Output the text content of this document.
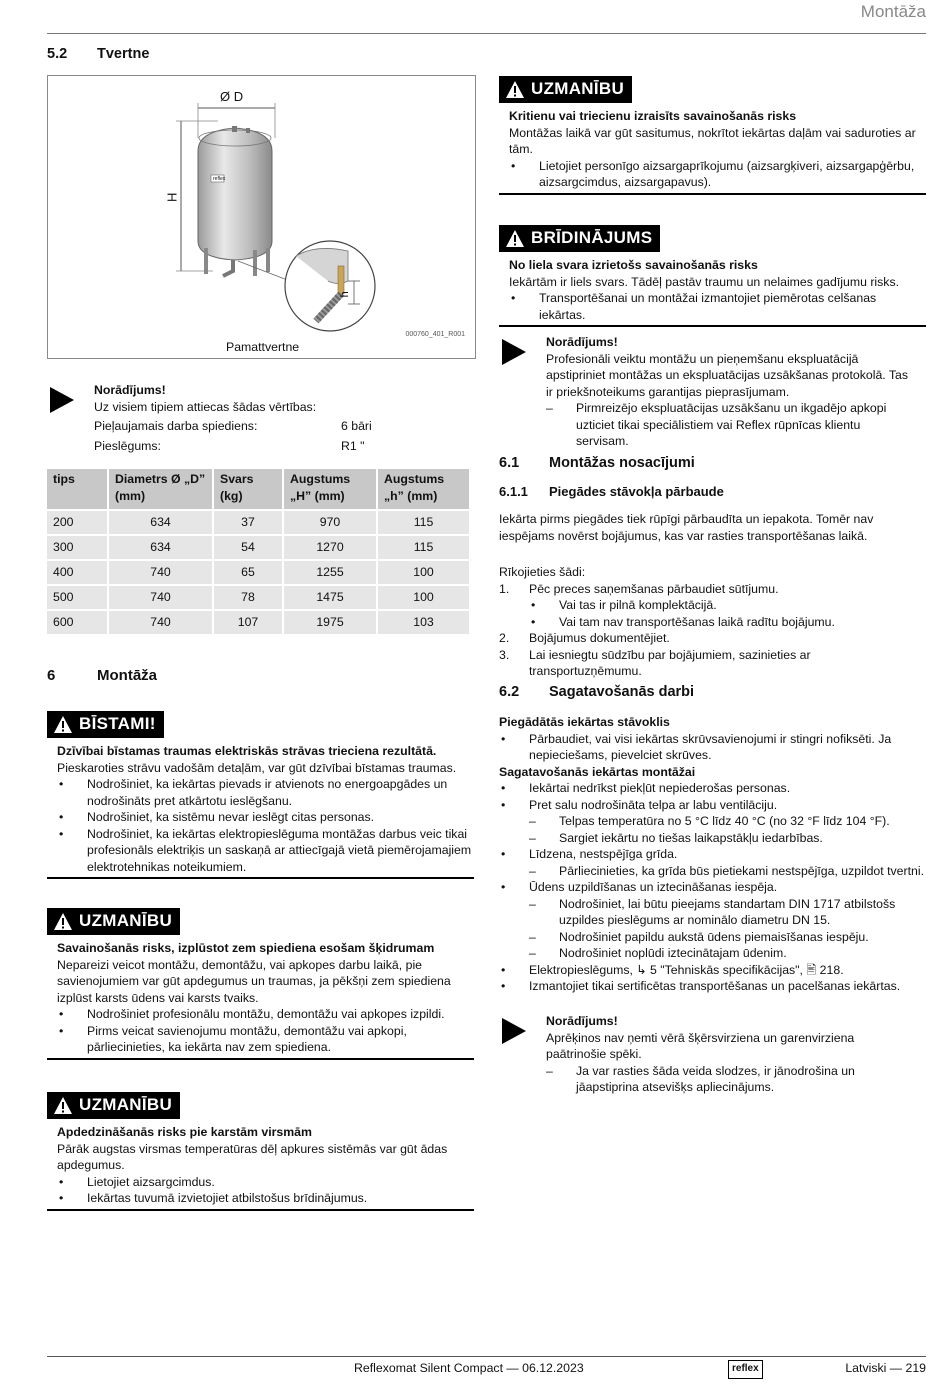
Montāža
5.2 Tvertne
Ø D
H
h
reflex
000760_401_R001
Pamattvertne
Norādījums!
Uz visiem tipiem attiecas šādas vērtības:
Pieļaujamais darba spiediens:	6 bāri
Pieslēgums:	R1 "
tips	Diametrs Ø „D” (mm)	Svars (kg)	Augstums „H” (mm)	Augstums „h” (mm)
200	634	37	970	115
300	634	54	1270	115
400	740	65	1255	100
500	740	78	1475	100
600	740	107	1975	103
6	Montāža
BĪSTAMI!
Dzīvībai bīstamas traumas elektriskās strāvas trieciena rezultātā.
Pieskaroties strāvu vadošām detaļām, var gūt dzīvībai bīstamas traumas.
• Nodrošiniet, ka iekārtas pievads ir atvienots no energoapgādes un nodrošināts pret atkārtotu ieslēgšanu.
• Nodrošiniet, ka sistēmu nevar ieslēgt citas personas.
• Nodrošiniet, ka iekārtas elektropieslēguma montāžas darbus veic tikai profesionāls elektriķis un saskaņā ar attiecīgajā vietā piemērojamajiem elektrotehnikas noteikumiem.
UZMANĪBU
Savainošanās risks, izplūstot zem spiediena esošam šķidrumam
Nepareizi veicot montāžu, demontāžu, vai apkopes darbu laikā, pie savienojumiem var gūt apdegumus un traumas, ja pēkšņi zem spiediena izplūst karsts ūdens vai karsts tvaiks.
• Nodrošiniet profesionālu montāžu, demontāžu vai apkopes izpildi.
• Pirms veicat savienojumu montāžu, demontāžu vai apkopi, pārliecinieties, ka iekārta nav zem spiediena.
UZMANĪBU
Apdedzināšanās risks pie karstām virsmām
Pārāk augstas virsmas temperatūras dēļ apkures sistēmās var gūt ādas apdegumus.
• Lietojiet aizsargcimdus.
• Iekārtas tuvumā izvietojiet atbilstošus brīdinājumus.
UZMANĪBU
Kritienu vai triecienu izraisīts savainošanās risks
Montāžas laikā var gūt sasitumus, nokrītot iekārtas daļām vai saduroties ar tām.
• Lietojiet personīgo aizsargaprīkojumu (aizsargķiveri, aizsargapģērbu, aizsargcimdus, aizsargapavus).
BRĪDINĀJUMS
No liela svara izrietošs savainošanās risks
Iekārtām ir liels svars. Tādēļ pastāv traumu un nelaimes gadījumu risks.
• Transportēšanai un montāžai izmantojiet piemērotas celšanas iekārtas.
Norādījums!
Profesionāli veiktu montāžu un pieņemšanu ekspluatācijā apstipriniet montāžas un ekspluatācijas uzsākšanas protokolā. Tas ir priekšnoteikums garantijas pieprasījumam.
– Pirmreizējo ekspluatācijas uzsākšanu un ikgadējo apkopi uzticiet tikai speciālistiem vai Reflex rūpnīcas klientu servisam.
6.1 Montāžas nosacījumi
6.1.1 Piegādes stāvokļa pārbaude
Iekārta pirms piegādes tiek rūpīgi pārbaudīta un iepakota. Tomēr nav iespējams novērst bojājumus, kas var rasties transportēšanas laikā.
Rīkojieties šādi:
1. Pēc preces saņemšanas pārbaudiet sūtījumu.
• Vai tas ir pilnā komplektācijā.
• Vai tam nav transportēšanas laikā radītu bojājumu.
2. Bojājumus dokumentējiet.
3. Lai iesniegtu sūdzību par bojājumiem, sazinieties ar transportuzņēmumu.
6.2 Sagatavošanās darbi
Piegādātās iekārtas stāvoklis
• Pārbaudiet, vai visi iekārtas skrūvsavienojumi ir stingri nofiksēti. Ja nepieciešams, pievelciet skrūves.
Sagatavošanās iekārtas montāžai
• Iekārtai nedrīkst piekļūt nepiederošas personas.
• Pret salu nodrošināta telpa ar labu ventilāciju.
– Telpas temperatūra no 5 °C līdz 40 °C (no 32 °F līdz 104 °F).
– Sargiet iekārtu no tiešas laikapstākļu iedarbības.
• Līdzena, nestspējīga grīda.
– Pārliecinieties, ka grīda būs pietiekami nestspējīga, uzpildot tvertni.
• Ūdens uzpildīšanas un iztecināšanas iespēja.
– Nodrošiniet, lai būtu pieejams standartam DIN 1717 atbilstošs uzpildes pieslēgums ar nominālo diametru DN 15.
– Nodrošiniet papildu aukstā ūdens piemaisīšanas iespēju.
– Nodrošiniet noplūdi iztecinātajam ūdenim.
• Elektropieslēgums, ↳ 5 "Tehniskās specifikācijas", 🖹 218.
• Izmantojiet tikai sertificētas transportēšanas un pacelšanas iekārtas.
Norādījums!
Aprēķinos nav ņemti vērā šķērsvirziena un garenvirziena paātrinošie spēki.
– Ja var rasties šāda veida slodzes, ir jānodrošina un jāapstiprina atsevišķs apliecinājums.
Reflexomat Silent Compact — 06.12.2023	reflex	Latviski — 219
